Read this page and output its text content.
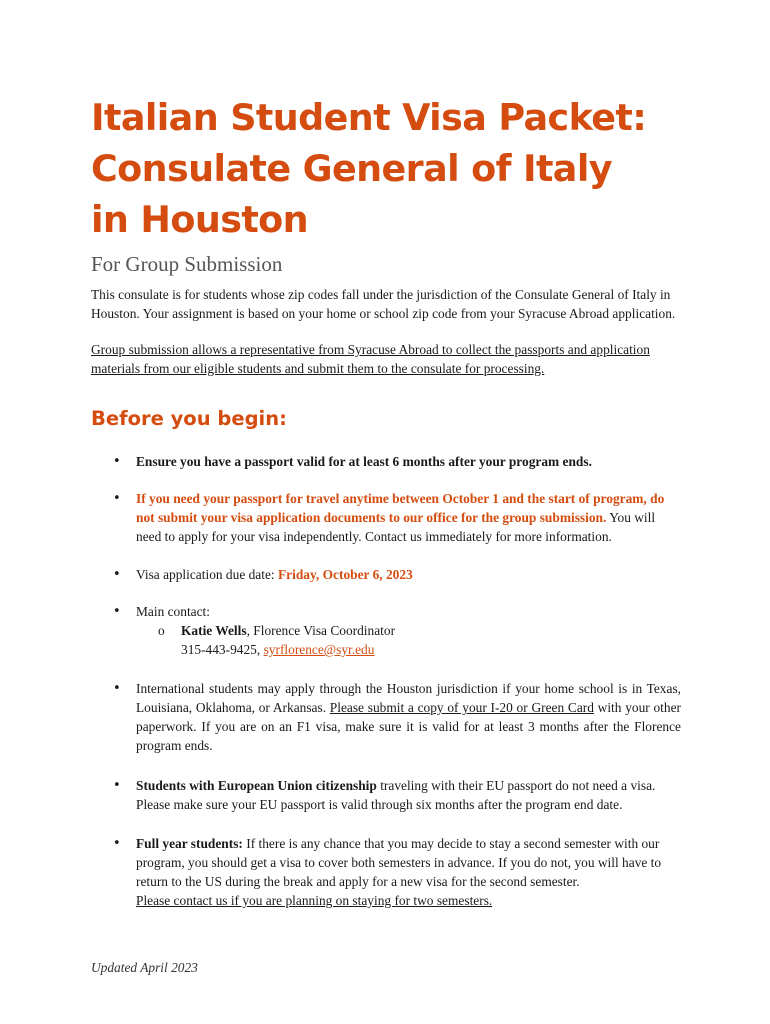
Italian Student Visa Packet: Consulate General of Italy in Houston
For Group Submission

This consulate is for students whose zip codes fall under the jurisdiction of the Consulate General of Italy in Houston. Your assignment is based on your home or school zip code from your Syracuse Abroad application.

Group submission allows a representative from Syracuse Abroad to collect the passports and application materials from our eligible students and submit them to the consulate for processing.

Before you begin:
• Ensure you have a passport valid for at least 6 months after your program ends.
• If you need your passport for travel anytime between October 1 and the start of program, do not submit your visa application documents to our office for the group submission. You will need to apply for your visa independently. Contact us immediately for more information.
• Visa application due date: Friday, October 6, 2023
• Main contact:
o Katie Wells, Florence Visa Coordinator
315-443-9425, syrflorence@syr.edu
• International students may apply through the Houston jurisdiction if your home school is in Texas, Louisiana, Oklahoma, or Arkansas. Please submit a copy of your I-20 or Green Card with your other paperwork. If you are on an F1 visa, make sure it is valid for at least 3 months after the Florence program ends.
• Students with European Union citizenship traveling with their EU passport do not need a visa. Please make sure your EU passport is valid through six months after the program end date.
• Full year students: If there is any chance that you may decide to stay a second semester with our program, you should get a visa to cover both semesters in advance. If you do not, you will have to return to the US during the break and apply for a new visa for the second semester.
Please contact us if you are planning on staying for two semesters.
Updated April 2023
